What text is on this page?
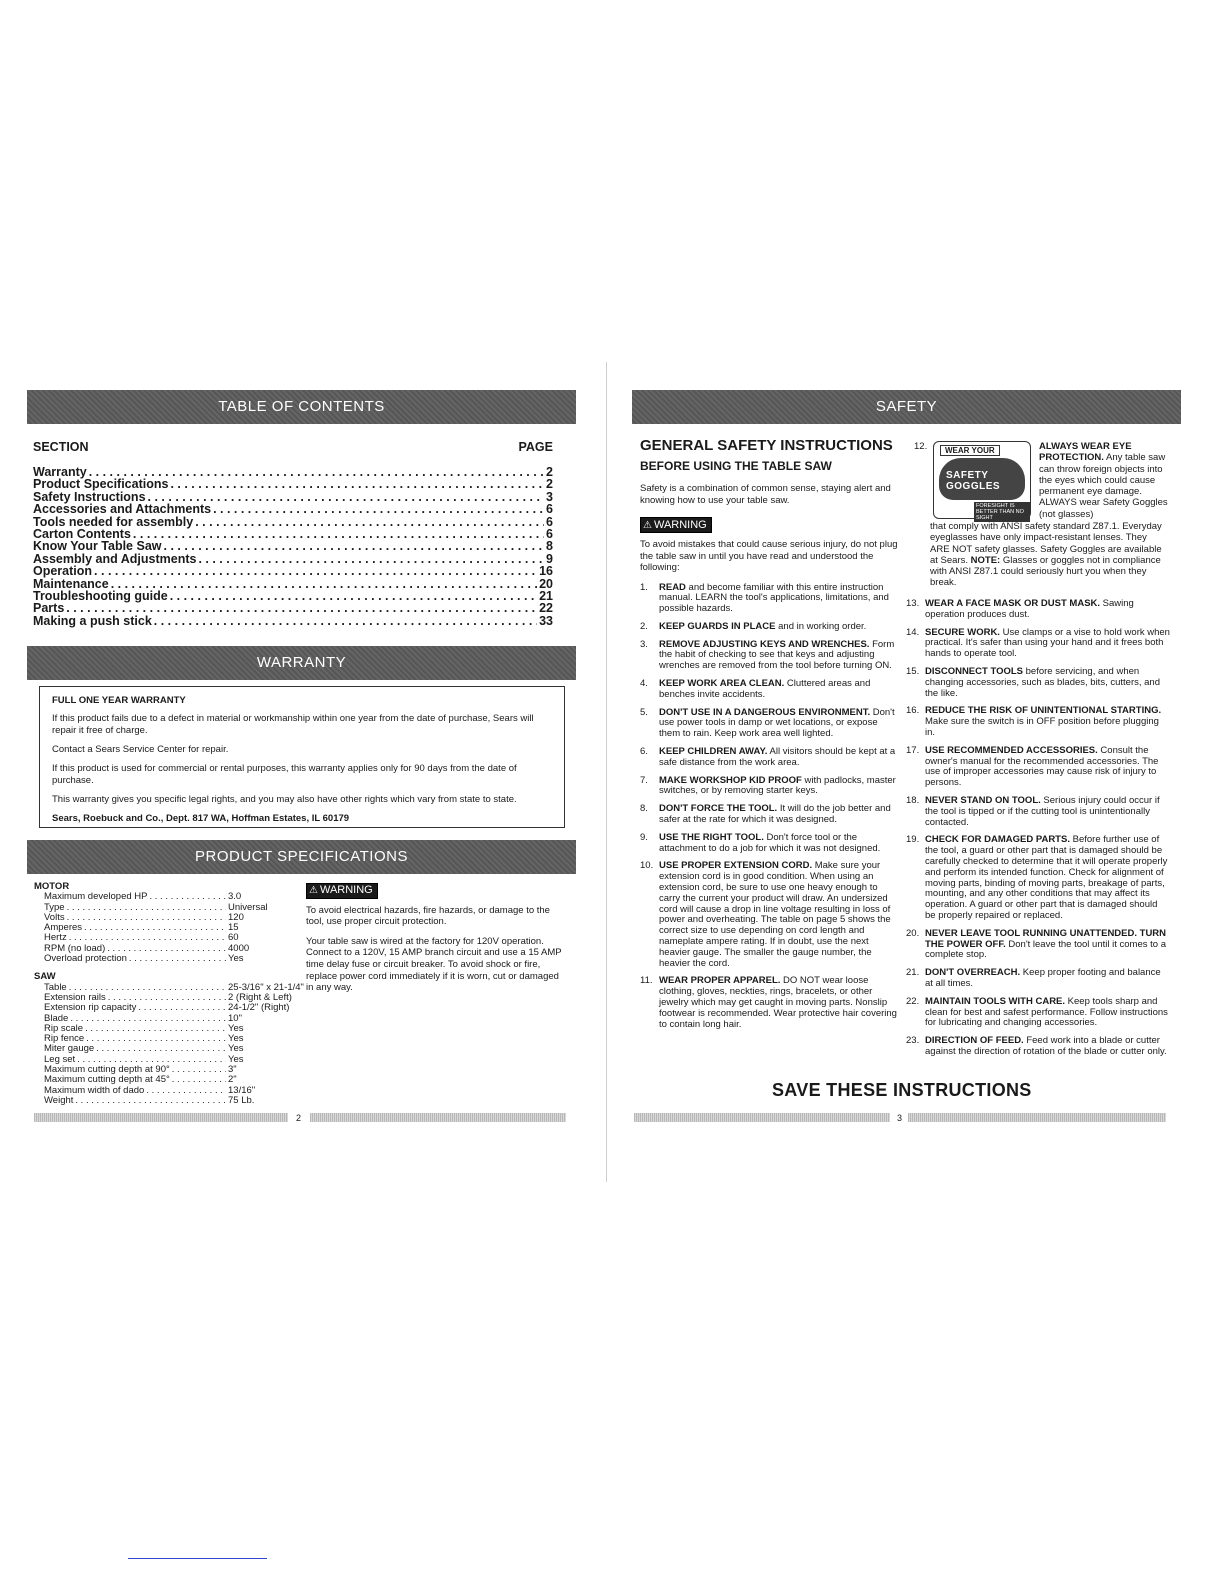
TABLE OF CONTENTS
SECTION	PAGE
Warranty . . .	2
Product Specifications . . .	2
Safety Instructions . . .	3
Accessories and Attachments . . .	6
Tools needed for assembly . . .	6
Carton Contents . . .	6
Know Your Table Saw . . .	8
Assembly and Adjustments . . .	9
Operation . . .	16
Maintenance . . .	20
Troubleshooting guide . . .	21
Parts . . .	22
Making a push stick . . .	33
WARRANTY

FULL ONE YEAR WARRANTY

If this product fails due to a defect in material or workmanship within one year from the date of purchase, Sears will repair it free of charge.

Contact a Sears Service Center for repair.

If this product is used for commercial or rental purposes, this warranty applies only for 90 days from the date of purchase.

This warranty gives you specific legal rights, and you may also have other rights which vary from state to state.

Sears, Roebuck and Co., Dept. 817 WA, Hoffman Estates, IL 60179

PRODUCT SPECIFICATIONS
MOTOR
Maximum developed HP . . .	3.0
Type . . .	Universal
Volts . . .	120
Amperes . . .	15
Hertz . . .	60
RPM (no load) . . .	4000
Overload protection . . .	Yes
SAW
Table . . .	25-3/16" x 21-1/4"
Extension rails . . .	2 (Right & Left)
Extension rip capacity . . .	24-1/2" (Right)
Blade . . .	10"
Rip scale . . .	Yes
Rip fence . . .	Yes
Miter gauge . . .	Yes
Leg set . . .	Yes
Maximum cutting depth at 90° . . .	3"
Maximum cutting depth at 45° . . .	2"
Maximum width of dado . . .	13/16"
Weight . . .	75 Lb.
⚠ WARNING

To avoid electrical hazards, fire hazards, or damage to the tool, use proper circuit protection.

Your table saw is wired at the factory for 120V operation. Connect to a 120V, 15 AMP branch circuit and use a 15 AMP time delay fuse or circuit breaker. To avoid shock or fire, replace power cord immediately if it is worn, cut or damaged in any way.

2
SAFETY
GENERAL SAFETY INSTRUCTIONS
BEFORE USING THE TABLE SAW

Safety is a combination of common sense, staying alert and knowing how to use your table saw.

⚠ WARNING

To avoid mistakes that could cause serious injury, do not plug the table saw in until you have read and understood the following:

1.	READ and become familiar with this entire instruction manual. LEARN the tool's applications, limitations, and possible hazards.
2.	KEEP GUARDS IN PLACE and in working order.
3.	REMOVE ADJUSTING KEYS AND WRENCHES. Form the habit of checking to see that keys and adjusting wrenches are removed from the tool before turning ON.
4.	KEEP WORK AREA CLEAN. Cluttered areas and benches invite accidents.
5.	DON'T USE IN A DANGEROUS ENVIRONMENT. Don't use power tools in damp or wet locations, or expose them to rain. Keep work area well lighted.
6.	KEEP CHILDREN AWAY. All visitors should be kept at a safe distance from the work area.
7.	MAKE WORKSHOP KID PROOF with padlocks, master switches, or by removing starter keys.
8.	DON'T FORCE THE TOOL. It will do the job better and safer at the rate for which it was designed.
9.	USE THE RIGHT TOOL. Don't force tool or the attachment to do a job for which it was not designed.
10. USE PROPER EXTENSION CORD. Make sure your extension cord is in good condition. When using an extension cord, be sure to use one heavy enough to carry the current your product will draw. An undersized cord will cause a drop in line voltage resulting in loss of power and overheating. The table on page 5 shows the correct size to use depending on cord length and nameplate ampere rating. If in doubt, use the next heavier gauge. The smaller the gauge number, the heavier the cord.
11. WEAR PROPER APPAREL. DO NOT wear loose clothing, gloves, neckties, rings, bracelets, or other jewelry which may get caught in moving parts. Nonslip footwear is recommended. Wear protective hair covering to contain long hair.
12.	WEAR YOUR
SAFETY GOGGLES
FORESIGHT IS BETTER THAN NO SIGHT
ALWAYS WEAR EYE PROTECTION. Any table saw can throw foreign objects into the eyes which could cause permanent eye damage. ALWAYS wear Safety Goggles (not glasses)
that comply with ANSI safety standard Z87.1. Everyday eyeglasses have only impact-resistant lenses. They ARE NOT safety glasses. Safety Goggles are available at Sears. NOTE: Glasses or goggles not in compliance with ANSI Z87.1 could seriously hurt you when they break.
13. WEAR A FACE MASK OR DUST MASK. Sawing operation produces dust.
14. SECURE WORK. Use clamps or a vise to hold work when practical. It's safer than using your hand and it frees both hands to operate tool.
15. DISCONNECT TOOLS before servicing, and when changing accessories, such as blades, bits, cutters, and the like.
16. REDUCE THE RISK OF UNINTENTIONAL STARTING. Make sure the switch is in OFF position before plugging in.
17. USE RECOMMENDED ACCESSORIES. Consult the owner's manual for the recommended accessories. The use of improper accessories may cause risk of injury to persons.
18. NEVER STAND ON TOOL. Serious injury could occur if the tool is tipped or if the cutting tool is unintentionally contacted.
19. CHECK FOR DAMAGED PARTS. Before further use of the tool, a guard or other part that is damaged should be carefully checked to determine that it will operate properly and perform its intended function. Check for alignment of moving parts, binding of moving parts, breakage of parts, mounting, and any other conditions that may affect its operation. A guard or other part that is damaged should be properly repaired or replaced.
20. NEVER LEAVE TOOL RUNNING UNATTENDED. TURN THE POWER OFF. Don't leave the tool until it comes to a complete stop.
21. DON'T OVERREACH. Keep proper footing and balance at all times.
22. MAINTAIN TOOLS WITH CARE. Keep tools sharp and clean for best and safest performance. Follow instructions for lubricating and changing accessories.
23. DIRECTION OF FEED. Feed work into a blade or cutter against the direction of rotation of the blade or cutter only.
SAVE THESE INSTRUCTIONS
3
